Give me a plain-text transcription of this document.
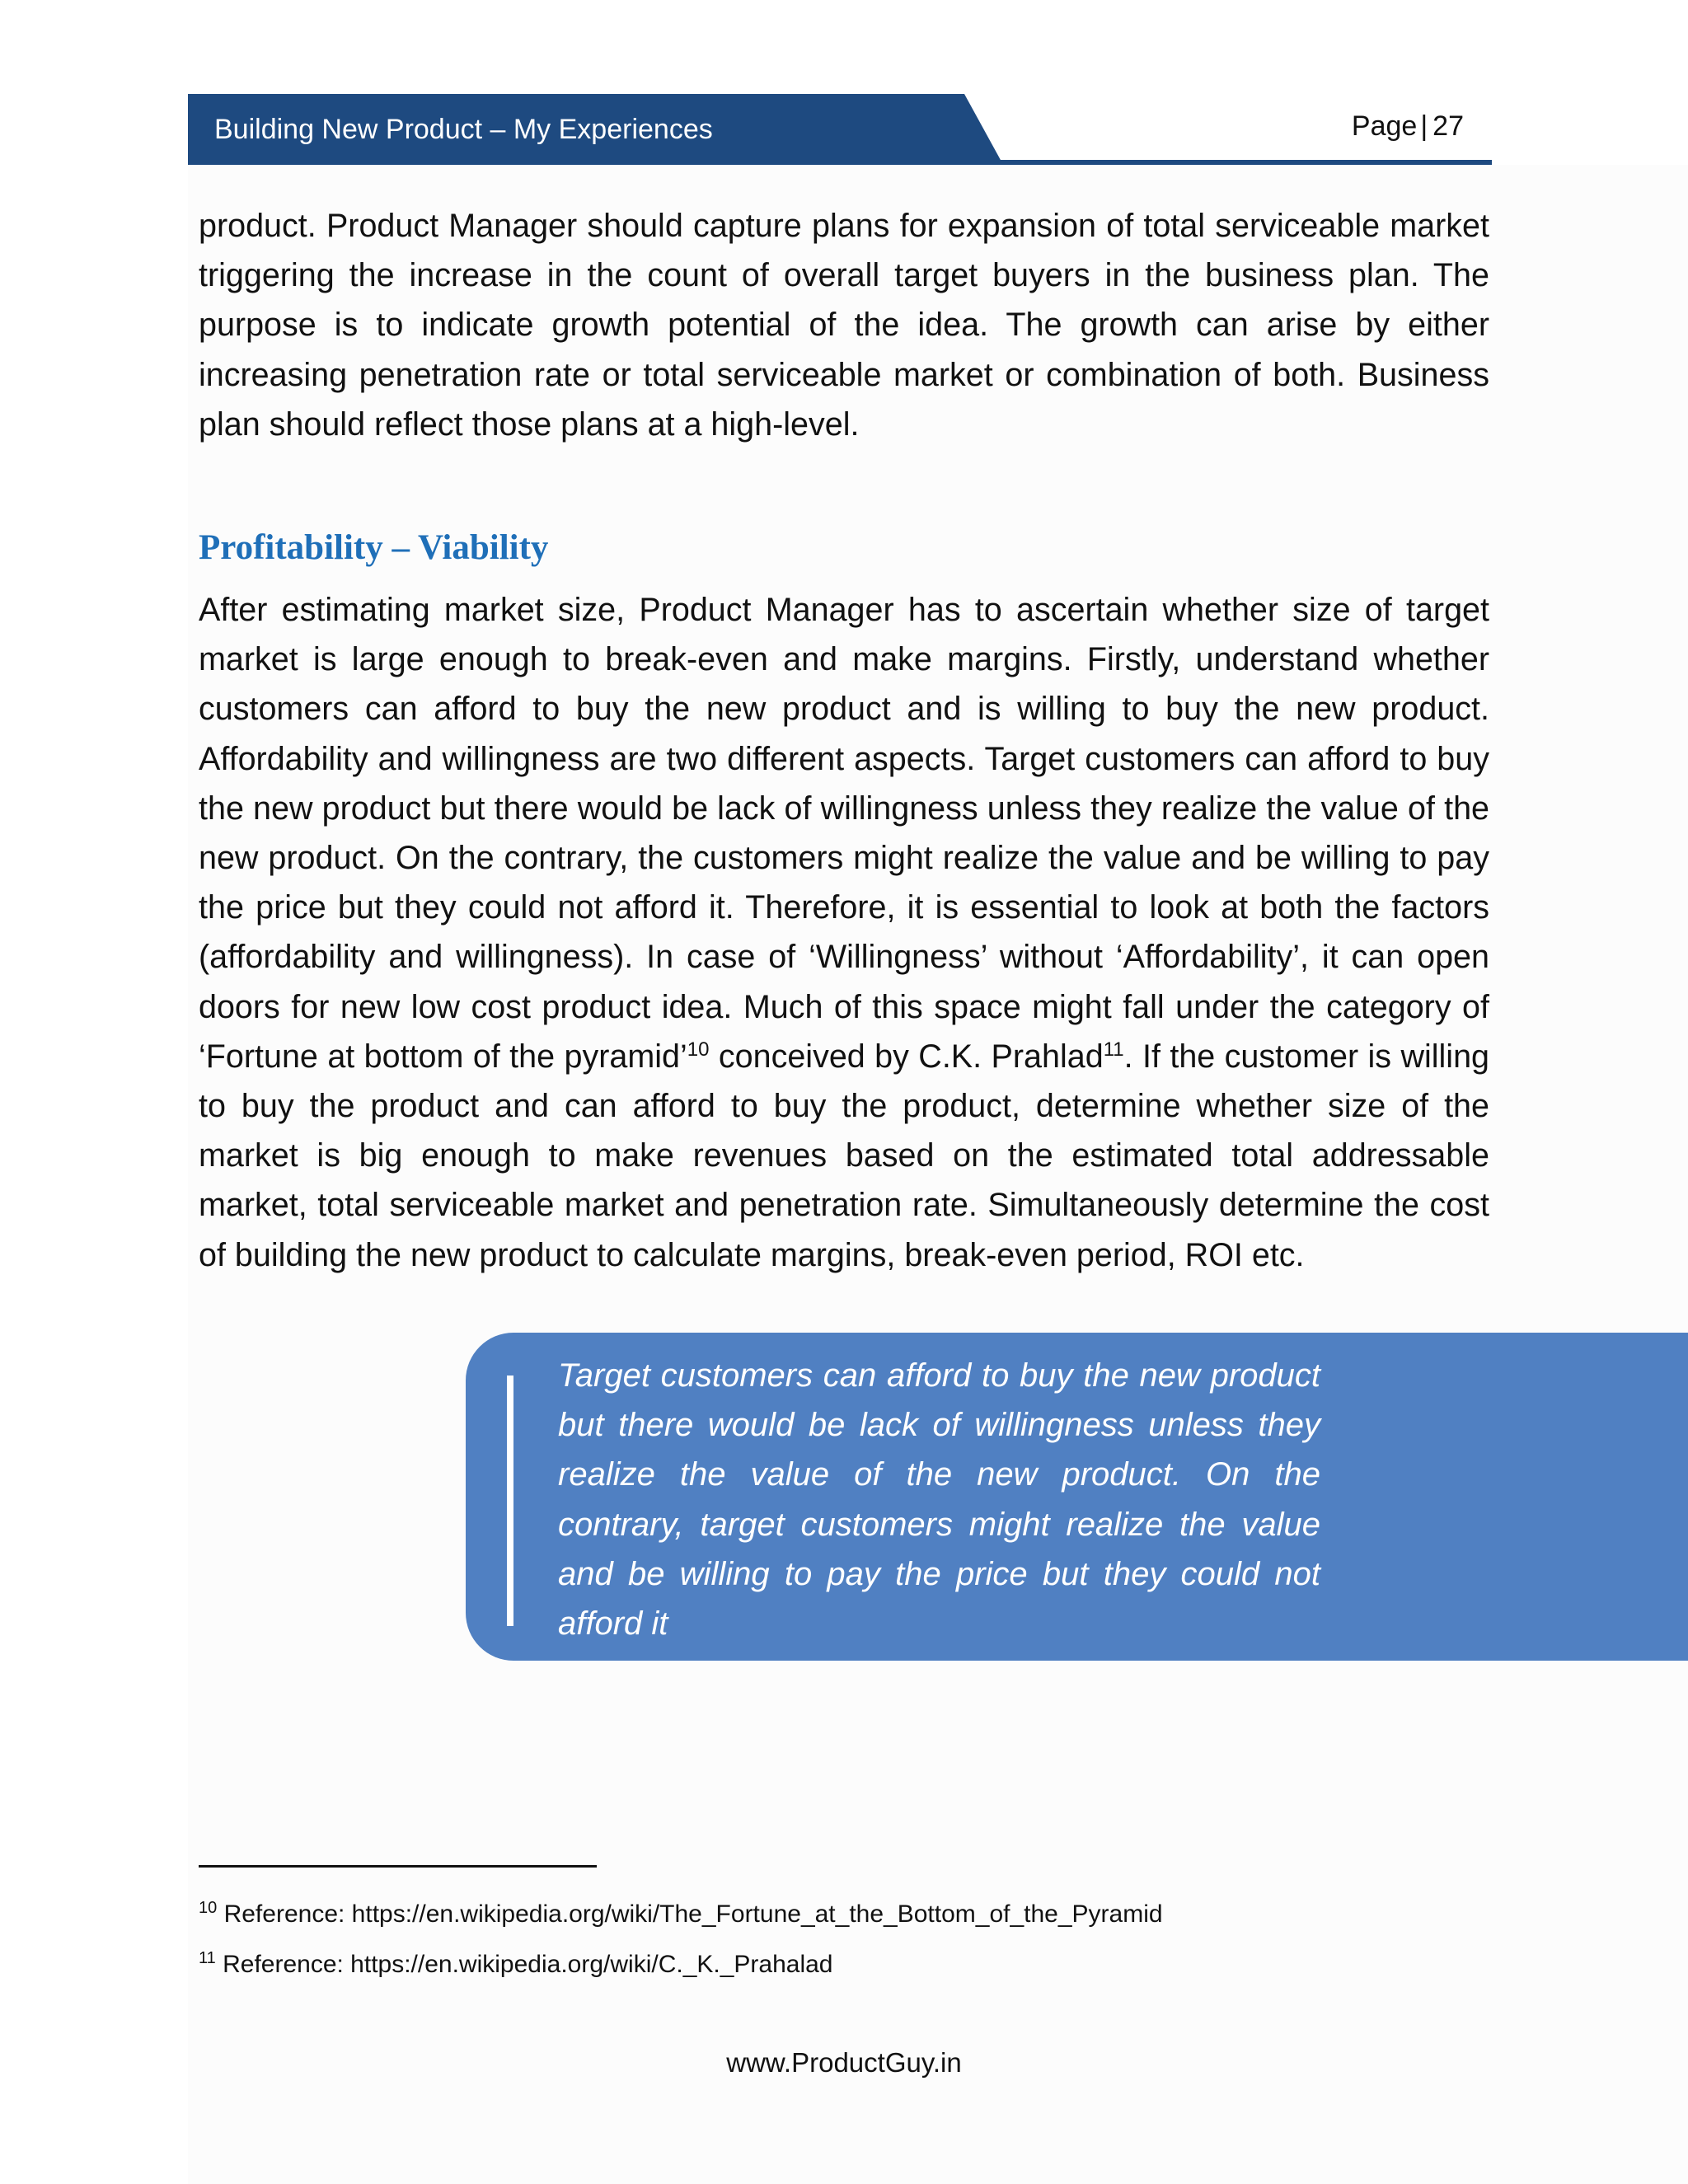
Building New Product – My Experiences	Page | 27

product. Product Manager should capture plans for expansion of total serviceable market triggering the increase in the count of overall target buyers in the business plan. The purpose is to indicate growth potential of the idea. The growth can arise by either increasing penetration rate or total serviceable market or combination of both. Business plan should reflect those plans at a high-level.

Profitability – Viability

After estimating market size, Product Manager has to ascertain whether size of target market is large enough to break-even and make margins. Firstly, understand whether customers can afford to buy the new product and is willing to buy the new product. Affordability and willingness are two different aspects. Target customers can afford to buy the new product but there would be lack of willingness unless they realize the value of the new product. On the contrary, the customers might realize the value and be willing to pay the price but they could not afford it. Therefore, it is essential to look at both the factors (affordability and willingness). In case of ‘Willingness’ without ‘Affordability’, it can open doors for new low cost product idea. Much of this space might fall under the category of ‘Fortune at bottom of the pyramid’$^{10}$ conceived by C.K. Prahlad$^{11}$. If the customer is willing to buy the product and can afford to buy the product, determine whether size of the market is big enough to make revenues based on the estimated total addressable market, total serviceable market and penetration rate. Simultaneously determine the cost of building the new product to calculate margins, break-even period, ROI etc.

Target customers can afford to buy the new product but there would be lack of willingness unless they realize the value of the new product. On the contrary, target customers might realize the value and be willing to pay the price but they could not afford it

$^{10}$ Reference: https://en.wikipedia.org/wiki/The_Fortune_at_the_Bottom_of_the_Pyramid
$^{11}$ Reference: https://en.wikipedia.org/wiki/C._K._Prahalad
www.ProductGuy.in
